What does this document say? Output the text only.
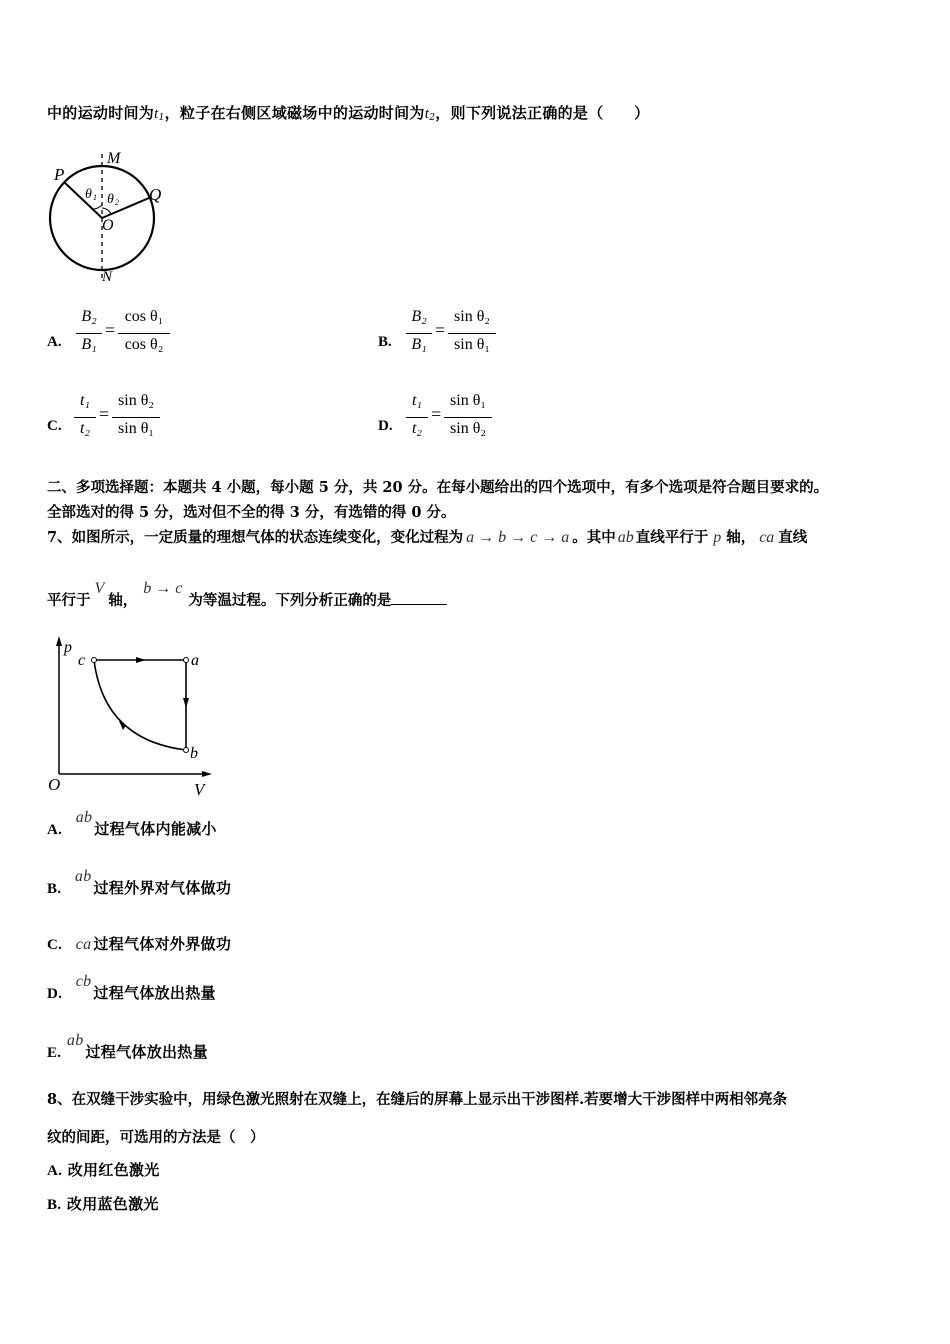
中的运动时间为$t_1$，粒子在右侧区域磁场中的运动时间为$t_2$，则下列说法正确的是（　　）
P
M
Q
O
N
θ 1 θ 2
A.
B₂
B₁
=
cos θ₁
cos θ₂	B.
B₂
B₁
=
sin θ₂
sin θ₁
C.
t₁
t₂
=
sin θ₂
sin θ₁	D.
t₁
t₂
=
sin θ₁
sin θ₂
二、多项选择题：本题共 4 小题，每小题 5 分，共 20 分。在每小题给出的四个选项中，有多个选项是符合题目要求的。
全部选对的得 5 分，选对但不全的得 3 分，有选错的得 0 分。
7、如图所示，一定质量的理想气体的状态连续变化，变化过程为 a → b → c → a 。其中 ab 直线平行于 p 轴， ca 直线
平行于V轴，b → c为等温过程。下列分析正确的是
p
c	a
b
O	V
A. ab过程气体内能减小
B. ab过程外界对气体做功
C. ca 过程气体对外界做功
D. cb过程气体放出热量
E. ab过程气体放出热量
8、在双缝干涉实验中，用绿色激光照射在双缝上，在缝后的屏幕上显示出干涉图样.若要增大干涉图样中两相邻亮条
纹的间距，可选用的方法是（　）
A. 改用红色激光
B. 改用蓝色激光
